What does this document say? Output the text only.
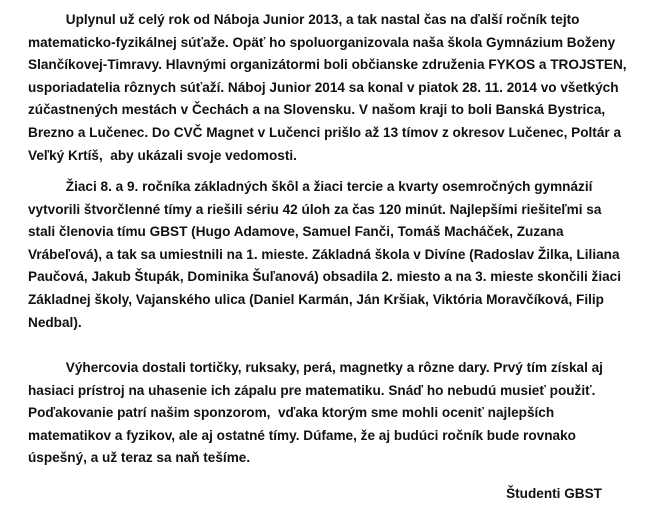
Uplynul už celý rok od Náboja Junior 2013, a tak nastal čas na ďalší ročník tejto
matematicko-fyzikálnej súťaže. Opäť ho spoluorganizovala naša škola Gymnázium Boženy
Slančíkovej-Timravy. Hlavnými organizátormi boli občianske združenia FYKOS a TROJSTEN,
usporiadatelia rôznych súťaží. Náboj Junior 2014 sa konal v piatok 28. 11. 2014 vo všetkých
zúčastnených mestách v Čechách a na Slovensku. V našom kraji to boli Banská Bystrica,
Brezno a Lučenec. Do CVČ Magnet v Lučenci prišlo až 13 tímov z okresov Lučenec, Poltár a
Veľký Krtíš,  aby ukázali svoje vedomosti.

Žiaci 8. a 9. ročníka základných škôl a žiaci tercie a kvarty osemročných gymnázií
vytvorili štvorčlenné tímy a riešili sériu 42 úloh za čas 120 minút. Najlepšími riešiteľmi sa
stali členovia tímu GBST (Hugo Adamove, Samuel Fanči, Tomáš Macháček, Zuzana
Vrábeľová), a tak sa umiestnili na 1. mieste. Základná škola v Divíne (Radoslav Žilka, Liliana
Paučová, Jakub Štupák, Dominika Šuľanová) obsadila 2. miesto a na 3. mieste skončili žiaci
Základnej školy, Vajanského ulica (Daniel Karmán, Ján Kršiak, Viktória Moravčíková, Filip
Nedbal).

Výhercovia dostali tortičky, ruksaky, perá, magnetky a rôzne dary. Prvý tím získal aj
hasiaci prístroj na uhasenie ich zápalu pre matematiku. Snáď ho nebudú musieť použiť.
Poďakovanie patrí našim sponzorom,  vďaka ktorým sme mohli oceniť najlepších
matematikov a fyzikov, ale aj ostatné tímy. Dúfame, že aj budúci ročník bude rovnako
úspešný, a už teraz sa naň tešíme.

Študenti GBST
